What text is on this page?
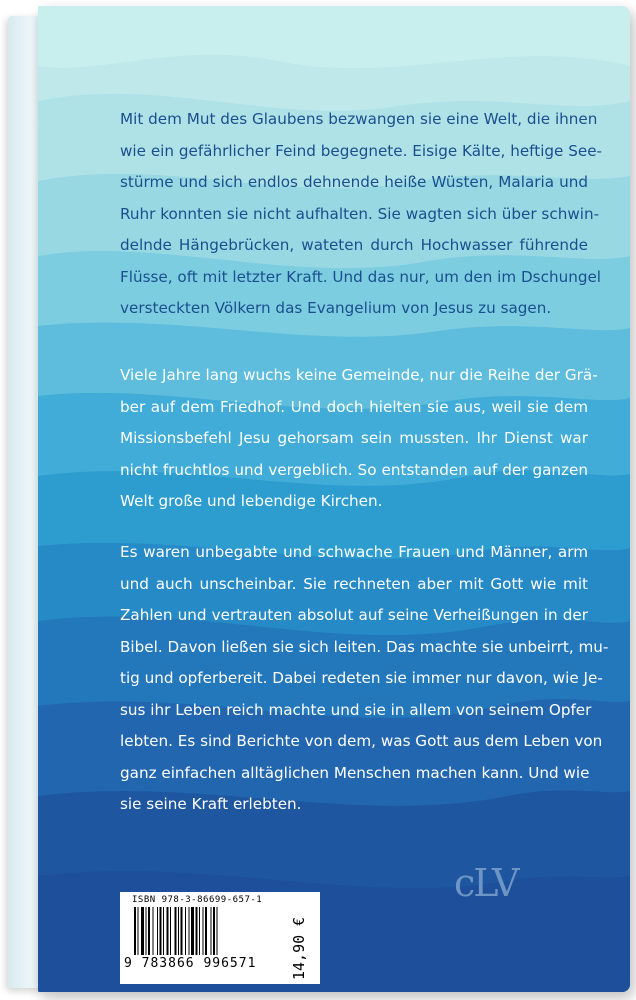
Mit dem Mut des Glaubens bezwangen sie eine Welt, die ihnen
wie ein gefährlicher Feind begegnete. Eisige Kälte, heftige See-
stürme und sich endlos dehnende heiße Wüsten, Malaria und
Ruhr konnten sie nicht aufhalten. Sie wagten sich über schwin-
delnde Hängebrücken, wateten durch Hochwasser führende
Flüsse, oft mit letzter Kraft. Und das nur, um den im Dschungel
versteckten Völkern das Evangelium von Jesus zu sagen.
Viele Jahre lang wuchs keine Gemeinde, nur die Reihe der Grä-
ber auf dem Friedhof. Und doch hielten sie aus, weil sie dem
Missionsbefehl Jesu gehorsam sein mussten. Ihr Dienst war
nicht fruchtlos und vergeblich. So entstanden auf der ganzen
Welt große und lebendige Kirchen.
Es waren unbegabte und schwache Frauen und Männer, arm
und auch unscheinbar. Sie rechneten aber mit Gott wie mit
Zahlen und vertrauten absolut auf seine Verheißungen in der
Bibel. Davon ließen sie sich leiten. Das machte sie unbeirrt, mu-
tig und opferbereit. Dabei redeten sie immer nur davon, wie Je-
sus ihr Leben reich machte und sie in allem von seinem Opfer
lebten. Es sind Berichte von dem, was Gott aus dem Leben von
ganz einfachen alltäglichen Menschen machen kann. Und wie
sie seine Kraft erlebten.
cLV
ISBN 978-3-86699-657-1
9 783866 996571 14,90 €
